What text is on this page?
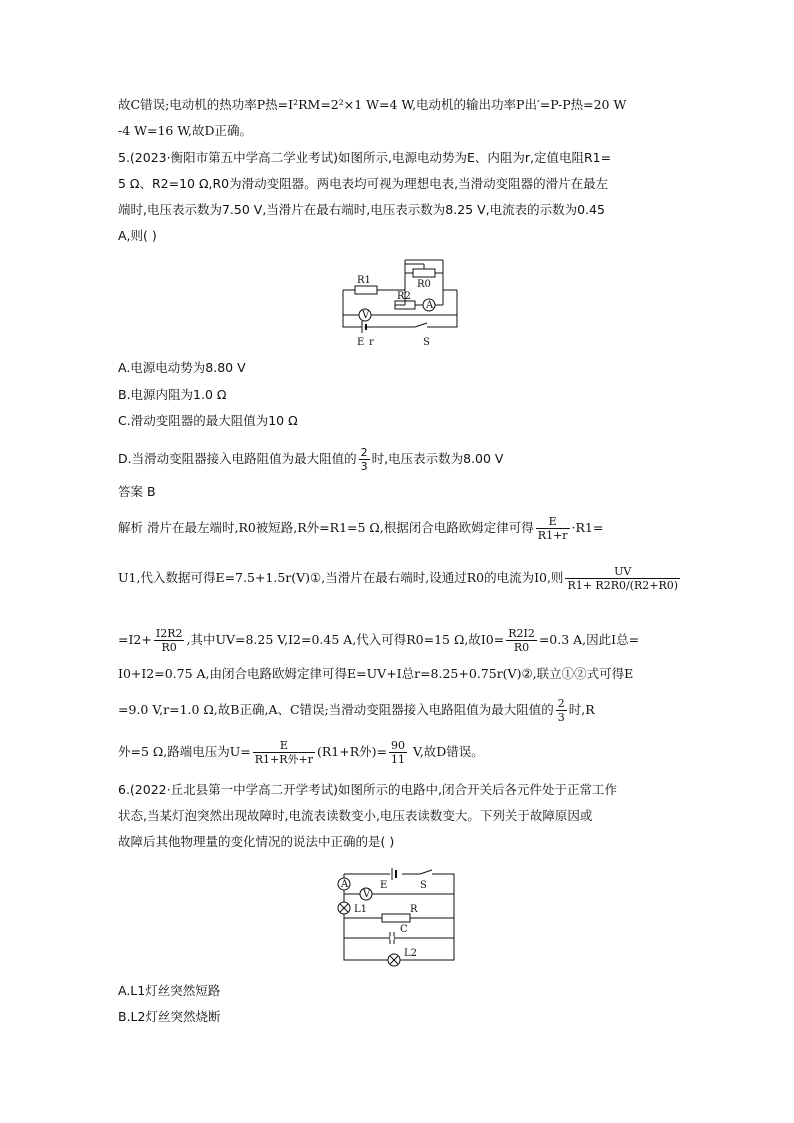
故C错误;电动机的热功率P热=I²RM=2²×1 W=4 W,电动机的输出功率P出′=P-P热=20 W
-4 W=16 W,故D正确。
5.(2023·衡阳市第五中学高二学业考试)如图所示,电源电动势为E、内阻为r,定值电阻R1=
5 Ω、R2=10 Ω,R0为滑动变阻器。两电表均可视为理想电表,当滑动变阻器的滑片在最左
端时,电压表示数为7.50 V,当滑片在最右端时,电压表示数为8.25 V,电流表的示数为0.45
A,则( )
R1	R0
R2
A
V
E r	S
A.电源电动势为8.80 V
B.电源内阻为1.0 Ω
C.滑动变阻器的最大阻值为10 Ω
D.当滑动变阻器接入电路阻值为最大阻值的 $\frac{2}{3}$ 时,电压表示数为8.00 V
答案 B
解析 滑片在最左端时,R0被短路,R外=R1=5 Ω,根据闭合电路欧姆定律可得 $\frac{E}{R1+r} \cdot R1=$
U1,代入数据可得E=7.5+1.5r(V)①,当滑片在最右端时,设通过R0的电流为I0,则 $\frac{UV}{R1+ R2R0/(R2+R0)}$
$=I2+ \frac{I2R2}{R0}$ ,其中UV=8.25 V,I2=0.45 A,代入可得R0=15 Ω,故$I0= \frac{R2I2}{R0} =0.3$ A,因此I总=
I0+I2=0.75 A,由闭合电路欧姆定律可得E=UV+I总r=8.25+0.75r(V)②,联立①②式可得E
=9.0 V,r=1.0 Ω,故B正确,A、C错误;当滑动变阻器接入电路阻值为最大阻值的 $\frac{2}{3}$ 时,R
外=5 Ω,路端电压为$U= \frac{E}{\text{R1+R外+r}} (R1+R$外)= $\frac{90}{11} V$,故D错误。
6.(2022·丘北县第一中学高二开学考试)如图所示的电路中,闭合开关后各元件处于正常工作
状态,当某灯泡突然出现故障时,电流表读数变小,电压表读数变大。下列关于故障原因或
故障后其他物理量的变化情况的说法中正确的是( )
A
V
E	S
L1	R
C
L2
A.L1灯丝突然短路
B.L2灯丝突然烧断
